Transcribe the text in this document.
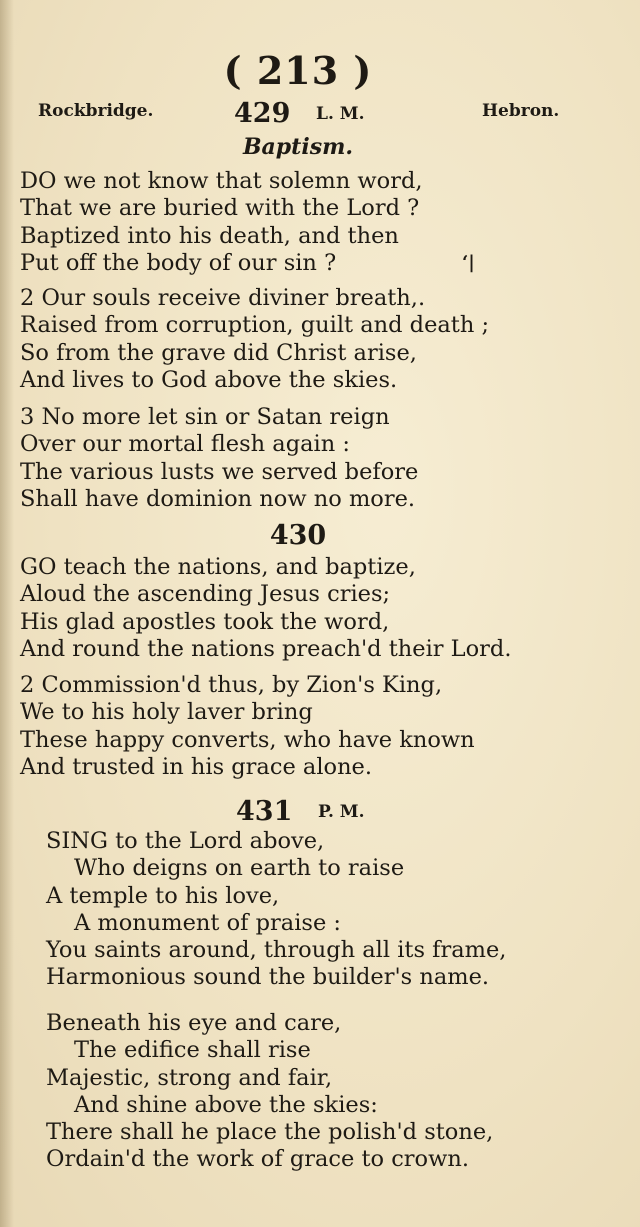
( 213 )
Rockbridge.	429 L. M.	Hebron.
Baptism.
DO we not know that solemn word,
That we are buried with the Lord ?
Baptized into his death, and then
Put off the body of our sin ?	ʻ|
2 Our souls receive diviner breath,.
Raised from corruption, guilt and death ;
So from the grave did Christ arise,
And lives to God above the skies.
3 No more let sin or Satan reign
Over our mortal flesh again :
The various lusts we served before
Shall have dominion now no more.
430
GO teach the nations, and baptize,
Aloud the ascending Jesus cries;
His glad apostles took the word,
And round the nations preach'd their Lord.
2 Commission'd thus, by Zion's King,
We to his holy laver bring
These happy converts, who have known
And trusted in his grace alone.
431 P. M.
SING to the Lord above,
Who deigns on earth to raise
A temple to his love,
A monument of praise :
You saints around, through all its frame,
Harmonious sound the builder's name.
Beneath his eye and care,
The edifice shall rise
Majestic, strong and fair,
And shine above the skies:
There shall he place the polish'd stone,
Ordain'd the work of grace to crown.
